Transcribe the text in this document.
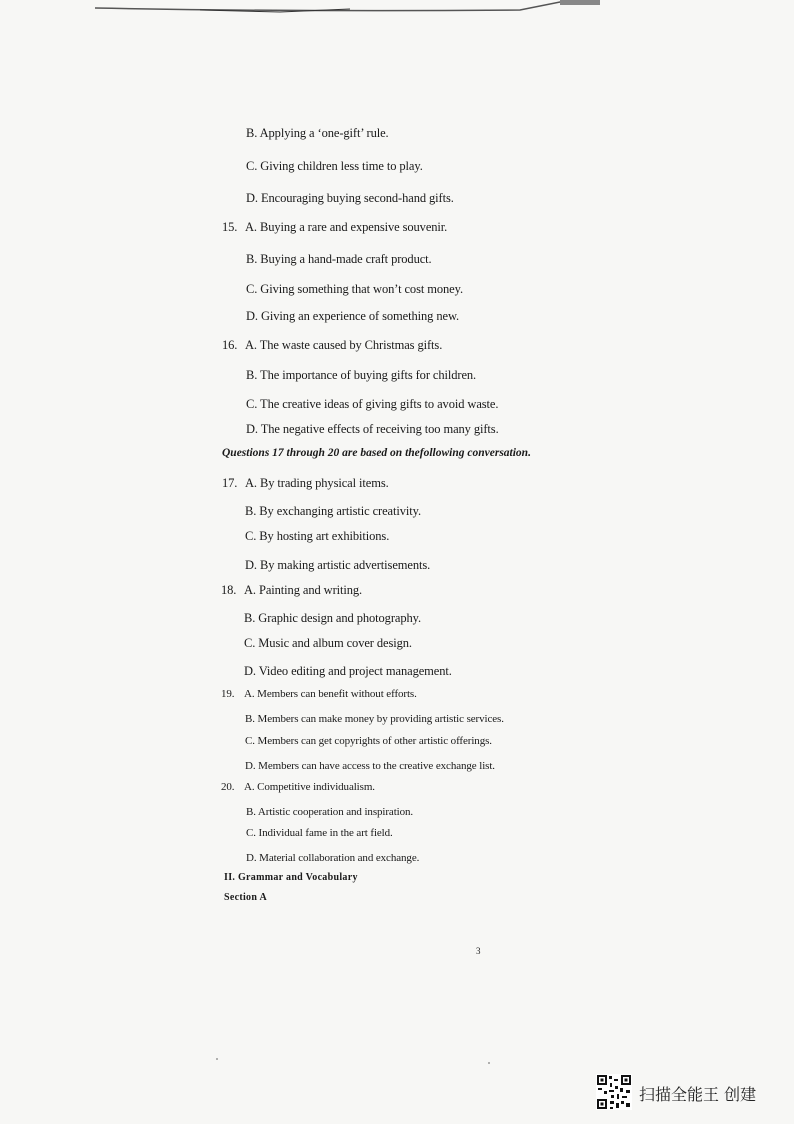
B. Applying a ‘one-gift’ rule.
C. Giving children less time to play.
D. Encouraging buying second-hand gifts.
15. A. Buying a rare and expensive souvenir.
B. Buying a hand-made craft product.
C. Giving something that won’t cost money.
D. Giving an experience of something new.
16. A. The waste caused by Christmas gifts.
B. The importance of buying gifts for children.
C. The creative ideas of giving gifts to avoid waste.
D. The negative effects of receiving too many gifts.
Questions 17 through 20 are based on thefollowing conversation.
17. A. By trading physical items.
B. By exchanging artistic creativity.
C. By hosting art exhibitions.
D. By making artistic advertisements.
18. A. Painting and writing.
B. Graphic design and photography.
C. Music and album cover design.
D. Video editing and project management.
19. A. Members can benefit without efforts.
B. Members can make money by providing artistic services.
C. Members can get copyrights of other artistic offerings.
D. Members can have access to the creative exchange list.
20. A. Competitive individualism.
B. Artistic cooperation and inspiration.
C. Individual fame in the art field.
D. Material collaboration and exchange.
II. Grammar and Vocabulary
Section A
3
扫描全能王 创建
